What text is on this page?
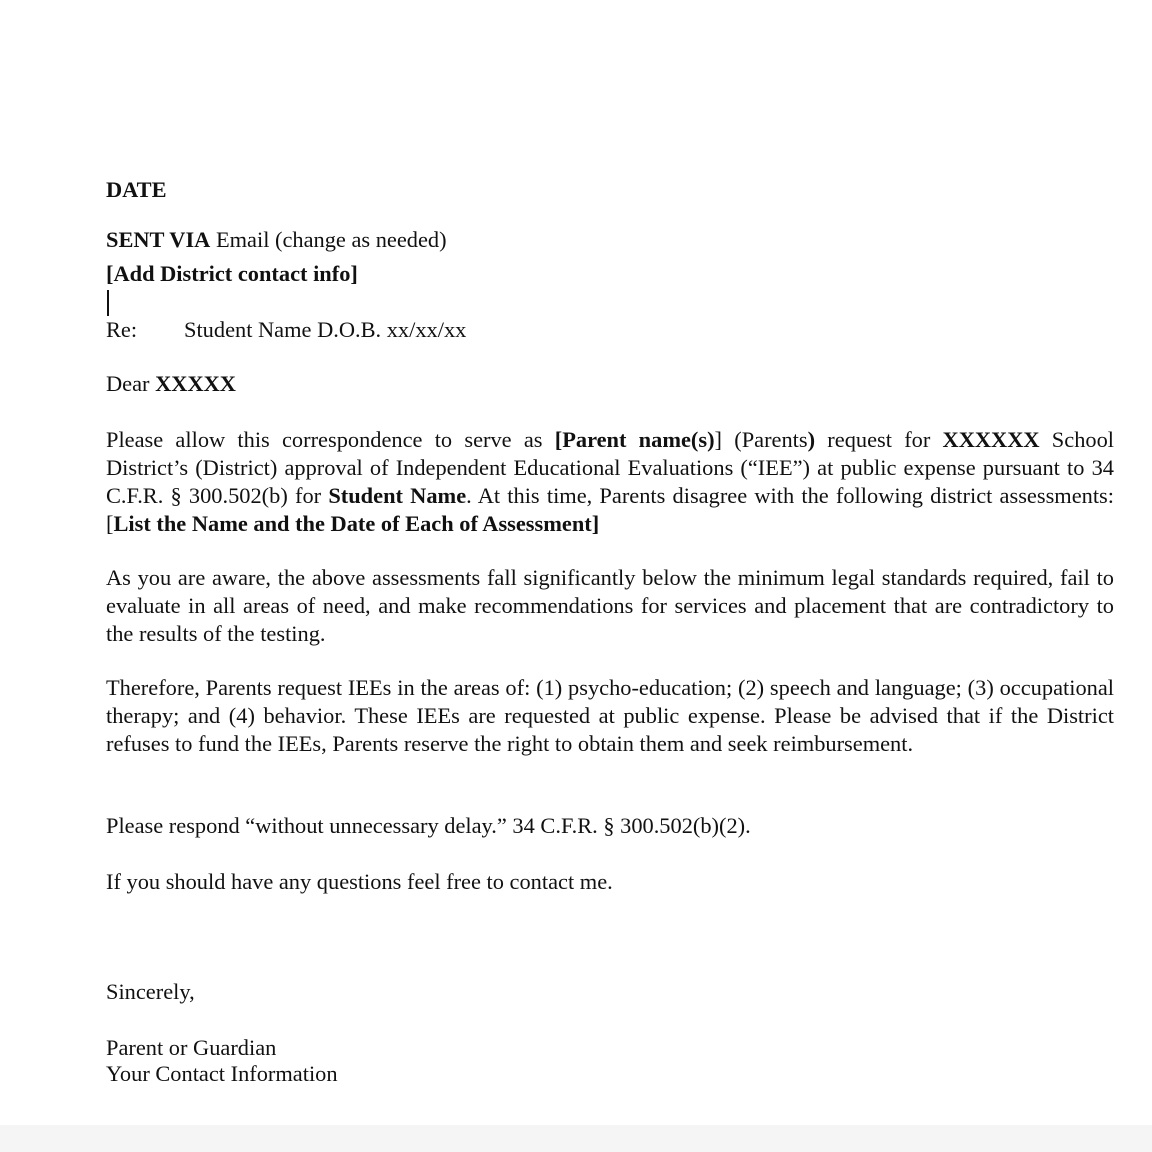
DATE

SENT VIA Email (change as needed)

[Add District contact info]

Re: Student Name D.O.B. xx/xx/xx

Dear XXXXX

Please allow this correspondence to serve as [Parent name(s)] (Parents) request for XXXXXX School District’s (District) approval of Independent Educational Evaluations (“IEE”) at public expense pursuant to 34 C.F.R. § 300.502(b) for Student Name. At this time, Parents disagree with the following district assessments: [List the Name and the Date of Each of Assessment]

As you are aware, the above assessments fall significantly below the minimum legal standards required, fail to evaluate in all areas of need, and make recommendations for services and placement that are contradictory to the results of the testing.

Therefore, Parents request IEEs in the areas of: (1) psycho-education; (2) speech and language; (3) occupational therapy; and (4) behavior. These IEEs are requested at public expense. Please be advised that if the District refuses to fund the IEEs, Parents reserve the right to obtain them and seek reimbursement.

Please respond “without unnecessary delay.” 34 C.F.R. § 300.502(b)(2).

If you should have any questions feel free to contact me.

Sincerely,

Parent or Guardian

Your Contact Information
